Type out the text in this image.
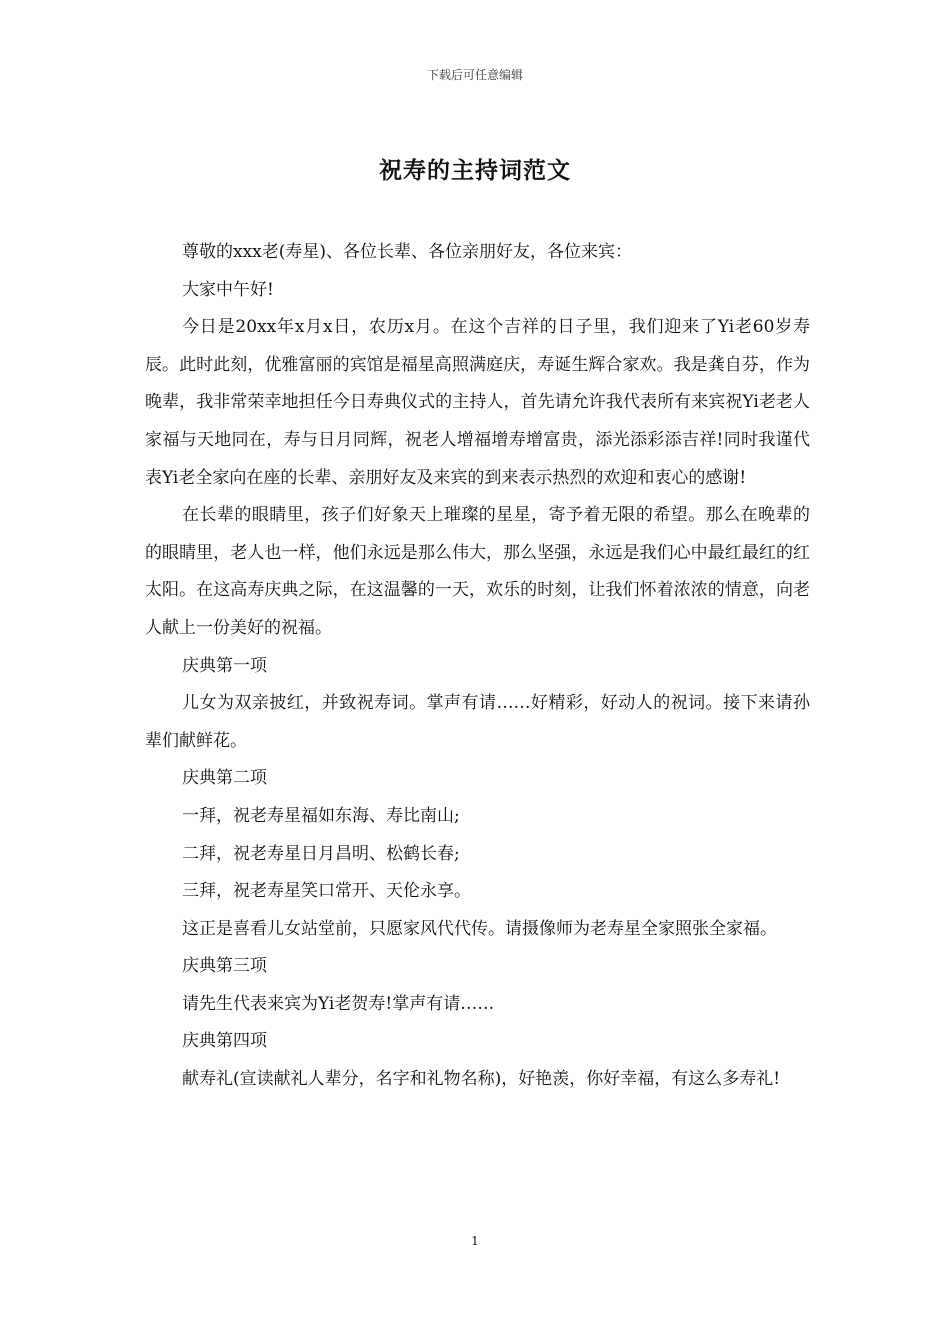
下载后可任意编辑
祝寿的主持词范文

尊敬的xxx老(寿星)、各位长辈、各位亲朋好友，各位来宾：

大家中午好!

今日是20xx年x月x日，农历x月。在这个吉祥的日子里，我们迎来了Yi老60岁寿辰。此时此刻，优雅富丽的宾馆是福星高照满庭庆，寿诞生辉合家欢。我是龚自芬，作为晚辈，我非常荣幸地担任今日寿典仪式的主持人，首先请允许我代表所有来宾祝Yi老老人家福与天地同在，寿与日月同辉，祝老人增福增寿增富贵，添光添彩添吉祥!同时我谨代表Yi老全家向在座的长辈、亲朋好友及来宾的到来表示热烈的欢迎和衷心的感谢!

在长辈的眼睛里，孩子们好象天上璀璨的星星，寄予着无限的希望。那么在晚辈的的眼睛里，老人也一样，他们永远是那么伟大，那么坚强，永远是我们心中最红最红的红太阳。在这高寿庆典之际，在这温馨的一天，欢乐的时刻，让我们怀着浓浓的情意，向老人献上一份美好的祝福。

庆典第一项

儿女为双亲披红，并致祝寿词。掌声有请……好精彩，好动人的祝词。接下来请孙辈们献鲜花。

庆典第二项

一拜，祝老寿星福如东海、寿比南山;

二拜，祝老寿星日月昌明、松鹤长春;

三拜，祝老寿星笑口常开、天伦永享。

这正是喜看儿女站堂前，只愿家风代代传。请摄像师为老寿星全家照张全家福。

庆典第三项

请先生代表来宾为Yi老贺寿!掌声有请……

庆典第四项

献寿礼(宣读献礼人辈分，名字和礼物名称)，好艳羡，你好幸福，有这么多寿礼!

1
